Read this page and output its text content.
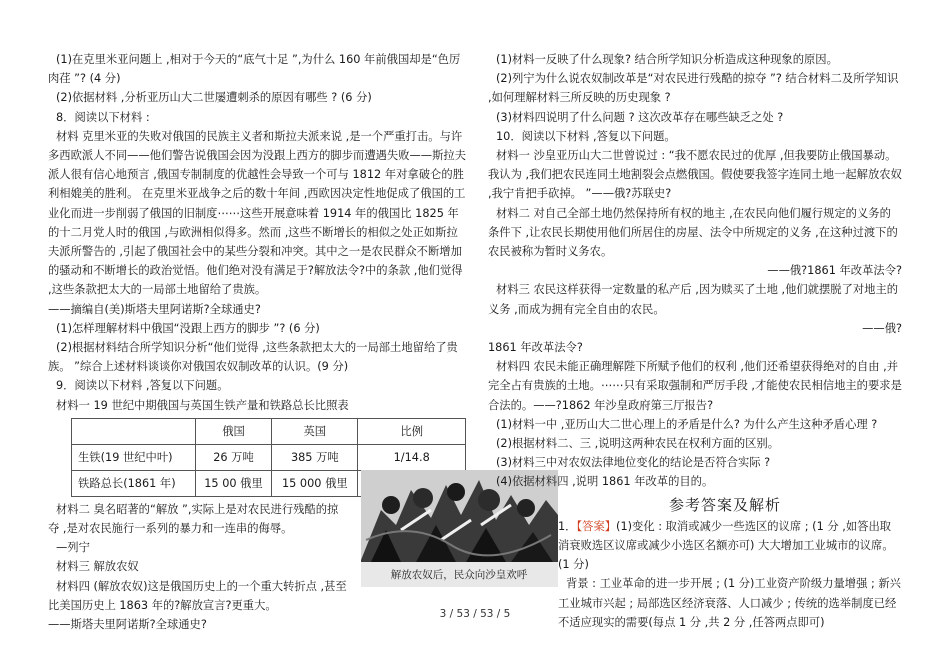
(1)在克里米亚问题上 ,相对于今天的“底气十足 ”,为什么 160 年前俄国却是“色厉肉荏 ”? (4 分)

(2)依据材料 ,分析亚历山大二世屡遭刺杀的原因有哪些 ? (6 分)

8．阅读以下材料 :

材料 克里米亚的失败对俄国的民族主义者和斯拉夫派来说 ,是一个严重打击。与许多西欧派人不同——他们警告说俄国会因为没跟上西方的脚步而遭遇失败——斯拉夫派人很有信心地预言 ,俄国专制制度的优越性会导致一个可与 1812 年对拿破仑的胜利相媲美的胜利。 在克里米亚战争之后的数十年间 ,西欧因决定性地促成了俄国的工业化而进一步削弱了俄国的旧制度⋯⋯这些开展意味着 1914 年的俄国比 1825 年的十二月党人时的俄国 ,与欧洲相似得多。然而 ,这些不断增长的相似之处正如斯拉夫派所警告的 ,引起了俄国社会中的某些分裂和冲突。其中之一是农民群众不断增加的骚动和不断增长的政治觉悟。他们绝对没有满足于?解放法令?中的条款 ,他们觉得 ,这些条款把太大的一局部土地留给了贵族。

——摘编自(美)斯塔夫里阿诺斯?全球通史?

(1)怎样理解材料中俄国“没跟上西方的脚步 ”? (6 分)

(2)根据材料结合所学知识分析“他们觉得 ,这些条款把太大的一局部土地留给了贵族。 ”综合上述材料谈谈你对俄国农奴制改革的认识。(9 分)

9．阅读以下材料 ,答复以下问题。

材料一 19 世纪中期俄国与英国生铁产量和铁路总长比照表

	俄国	英国	比例
生铁(19 世纪中叶)	26 万吨	385 万吨	1/14.8
铁路总长(1861 年)	15 00 俄里	15 000 俄里	

材料二 臭名昭著的“解放 ”,实际上是对农民进行残酷的掠夺 ,是对农民施行一系列的暴力和一连串的侮辱。

—列宁

材料三 解放农奴

材料四 (解放农奴)这是俄国历史上的一个重大转折点 ,甚至比美国历史上 1863 年的?解放宣言?更重大。

——斯塔夫里阿诺斯?全球通史?

解放农奴后，民众向沙皇欢呼

(1)材料一反映了什么现象? 结合所学知识分析造成这种现象的原因。

(2)列宁为什么说农奴制改革是“对农民进行残酷的掠夺 ”? 结合材料二及所学知识 ,如何理解材料三所反映的历史现象 ?

(3)材料四说明了什么问题 ? 这次改革存在哪些缺乏之处 ?

10．阅读以下材料 ,答复以下问题。

材料一 沙皇亚历山大二世曾说过 : “我不愿农民过的优厚 ,但我要防止俄国暴动。我认为 ,我们把农民连同土地割裂会点燃俄国。假使要我签字连同土地一起解放农奴 ,我宁肯把手砍掉。 ”——俄?苏联史?

材料二 对自己全部土地仍然保持所有权的地主 ,在农民向他们履行规定的义务的条件下 ,让农民长期使用他们所居住的房屋、法令中所规定的义务 ,在这种过渡下的农民被称为暂时义务农。

——俄?1861 年改革法令?

材料三 农民这样获得一定数量的私产后 ,因为赎买了土地 ,他们就摆脱了对地主的义务 ,而成为拥有完全自由的农民。

——俄?

1861 年改革法令?

材料四 农民未能正确理解陛下所赋予他们的权利 ,他们还希望获得绝对的自由 ,并完全占有贵族的土地。⋯⋯只有采取强制和严厉手段 ,才能使农民相信地主的要求是合法的。——?1862 年沙皇政府第三厅报告?

(1)材料一中 ,亚历山大二世心理上的矛盾是什么? 为什么产生这种矛盾心理 ?

(2)根据材料二、三 ,说明这两种农民在权利方面的区别。

(3)材料三中对农奴法律地位变化的结论是否符合实际 ?

(4)依据材料四 ,说明 1861 年改革的目的。

参考答案及解析

1．【答案】(1)变化 : 取消或减少一些选区的议席 ; (1 分 ,如答出取消衰败选区议席或减少小选区名额亦可) 大大增加工业城市的议席。(1 分)

背景 : 工业革命的进一步开展 ; (1 分)工业资产阶级力量增强 ; 新兴工业城市兴起 ; 局部选区经济衰落、人口减少 ; 传统的选举制度已经不适应现实的需要(每点 1 分 ,共 2 分 ,任答两点即可)

3 / 53 / 53 / 5
